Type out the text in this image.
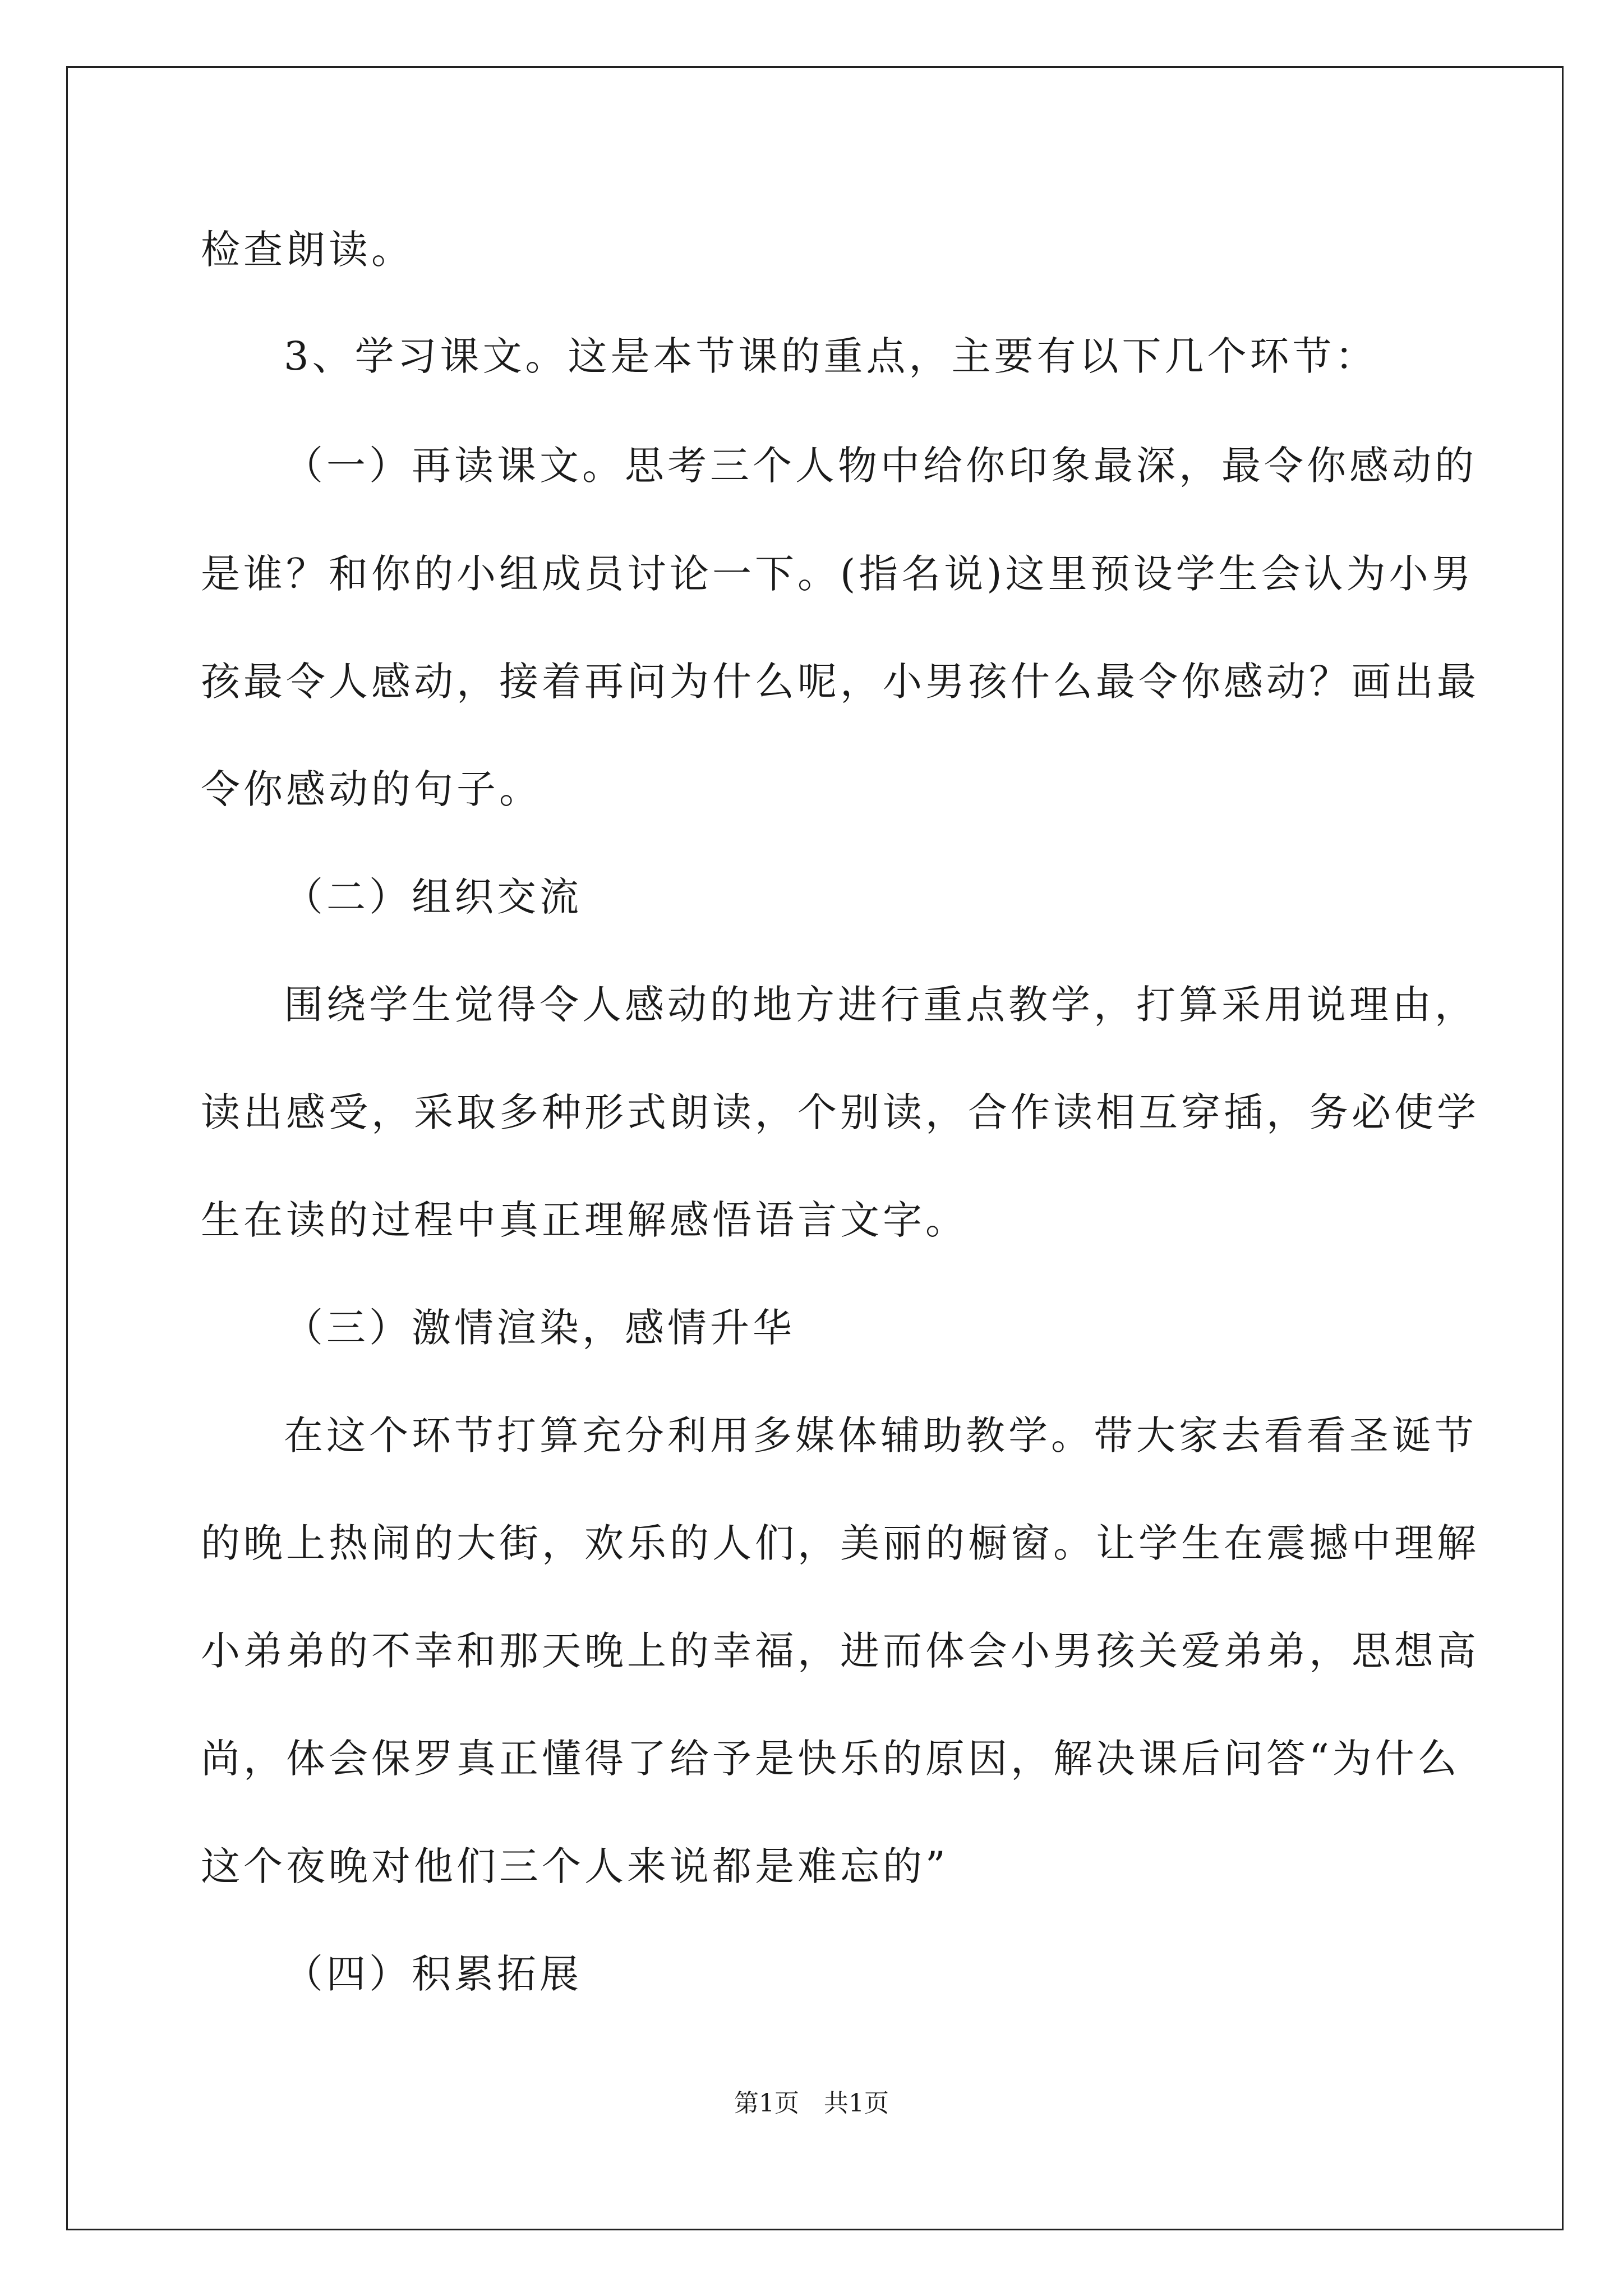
检查朗读。
3、学习课文。这是本节课的重点，主要有以下几个环节：
（一）再读课文。思考三个人物中给你印象最深，最令你感动的
是谁？和你的小组成员讨论一下。(指名说)这里预设学生会认为小男
孩最令人感动，接着再问为什么呢，小男孩什么最令你感动？画出最
令你感动的句子。
（二）组织交流
围绕学生觉得令人感动的地方进行重点教学，打算采用说理由，
读出感受，采取多种形式朗读，个别读，合作读相互穿插，务必使学
生在读的过程中真正理解感悟语言文字。
（三）激情渲染，感情升华
在这个环节打算充分利用多媒体辅助教学。带大家去看看圣诞节
的晚上热闹的大街，欢乐的人们，美丽的橱窗。让学生在震撼中理解
小弟弟的不幸和那天晚上的幸福，进而体会小男孩关爱弟弟，思想高
尚，体会保罗真正懂得了给予是快乐的原因，解决课后问答“为什么
这个夜晚对他们三个人来说都是难忘的”
（四）积累拓展
第1页　共1页
